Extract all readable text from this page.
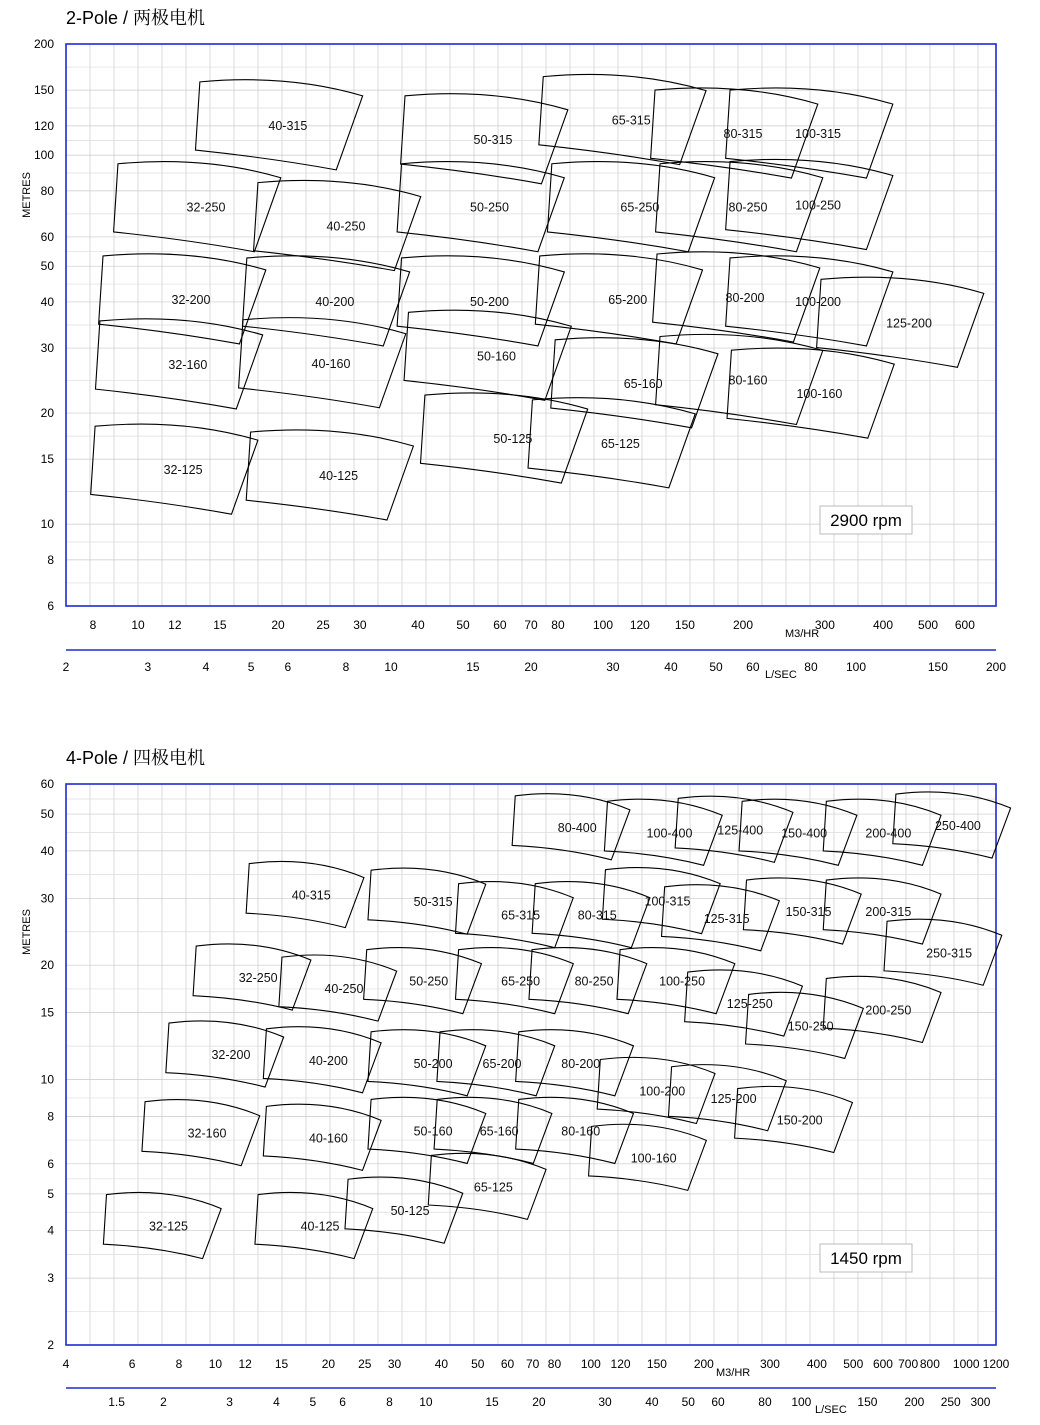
2-Pole / 两极电机
6
8
10
15
20
30
40
50
60
80
100
120
150
200
METRES
8	10 12	15	20	25 30	40	50 60 70 80 100 120 150	200	300	400 500 600
M3/HR
2	3	4	5	6	8	10	15	20	30	40	50 60	80 100	150	200
L/SEC
32-125	40-125
32-160	40-160
32-200	40-200
32-250
40-250
40-315
50-315
50-250
50-200
50-160
50-125
65-315
65-250
65-200
65-160
65-125
80-315
80-250
80-200
80-160
100-315
100-250
100-200
100-160
125-200
2900 rpm
4-Pole / 四极电机
2
3
4
5
6
8
10
15
20
30
40
50
60
METRES
4	6	8 10 12 15	20 25 30	40 50 60 70 80 100 120 150 200	300 400 500 600 700 800 1000 1200
M3/HR
1.5	2	3	4 5 6	8 10	15	20	30	40 50 60	80 100	150 200 250 300
L/SEC
32-125	40-125
32-160	40-160
32-200	40-200
32-250
40-250
40-315	50-315
50-250
50-200
50-160
50-125
65-125
65-315
65-250
65-200
65-160
80-400
80-315
80-250
80-200
80-160
100-400
100-315
100-250
100-200
100-160
125-400
125-315
125-250
125-200
150-400
150-315
150-250
150-200
200-400
200-315
250-400
250-315
200-250
1450 rpm
